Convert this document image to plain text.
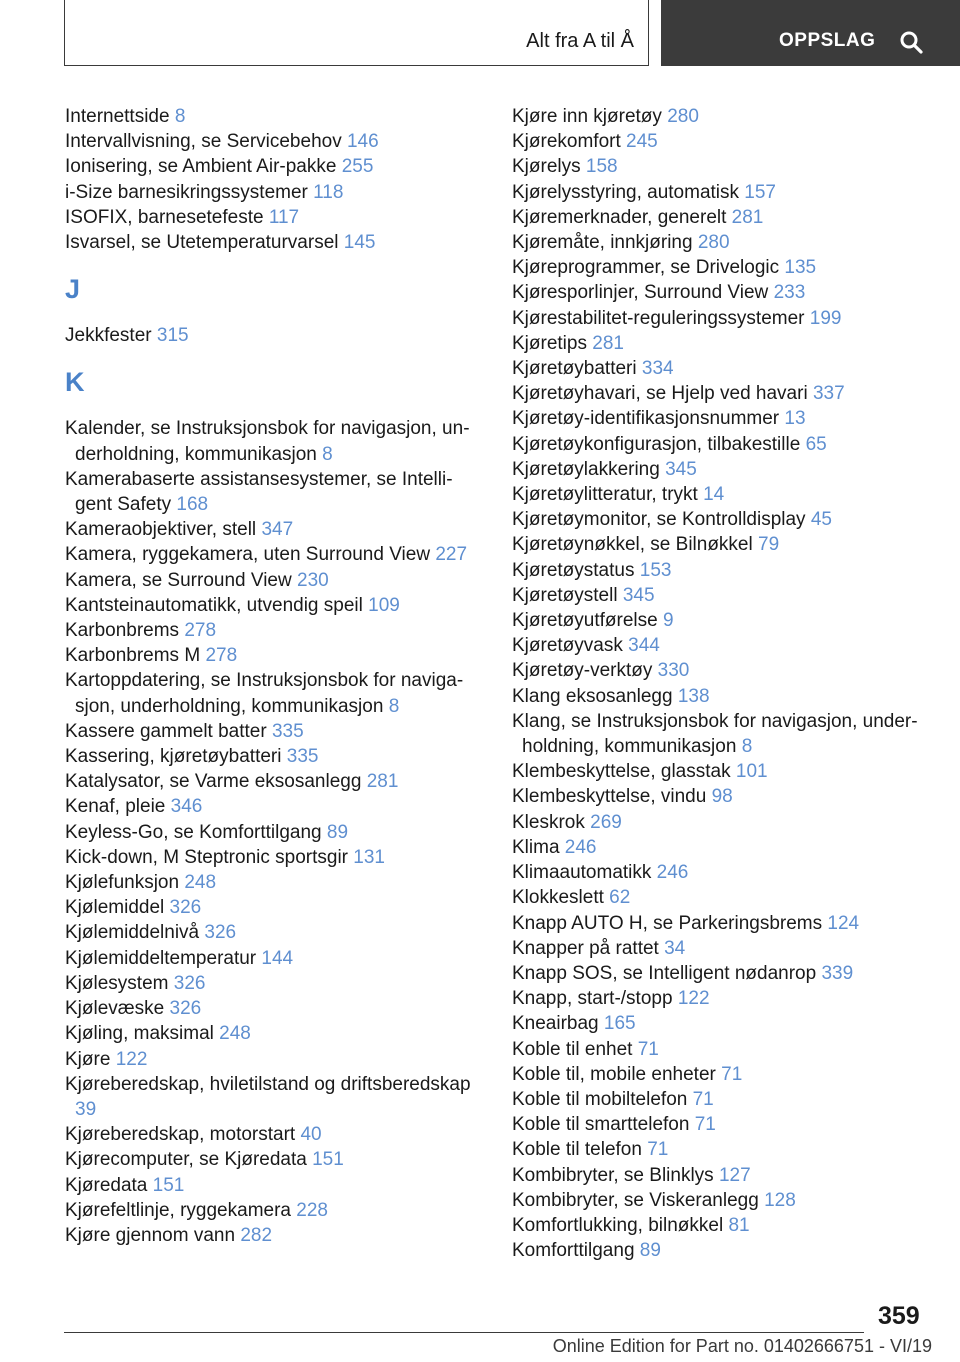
Alt fra A til Å	OPPSLAG
Internettside 8
Intervallvisning, se Servicebehov 146
Ionisering, se Ambient Air-pakke 255
i-Size barnesikringssystemer 118
ISOFIX, barnesetefeste 117
Isvarsel, se Utetemperaturvarsel 145
J
Jekkfester 315
K
Kalender, se Instruksjonsbok for navigasjon, underholdning, kommunikasjon 8
Kamerabaserte assistansesystemer, se Intelligent Safety 168
Kameraobjektiver, stell 347
Kamera, ryggekamera, uten Surround View 227
Kamera, se Surround View 230
Kantsteinautomatikk, utvendig speil 109
Karbonbrems 278
Karbonbrems M 278
Kartoppdatering, se Instruksjonsbok for navigasjon, underholdning, kommunikasjon 8
Kassere gammelt batter 335
Kassering, kjøretøybatteri 335
Katalysator, se Varme eksosanlegg 281
Kenaf, pleie 346
Keyless-Go, se Komforttilgang 89
Kick-down, M Steptronic sportsgir 131
Kjølefunksjon 248
Kjølemiddel 326
Kjølemiddelnivå 326
Kjølemiddeltemperatur 144
Kjølesystem 326
Kjølevæske 326
Kjøling, maksimal 248
Kjøre 122
Kjøreberedskap, hviletilstand og driftsberedskap 39
Kjøreberedskap, motorstart 40
Kjørecomputer, se Kjøredata 151
Kjøredata 151
Kjørefeltlinje, ryggekamera 228
Kjøre gjennom vann 282
Kjøre inn kjøretøy 280
Kjørekomfort 245
Kjørelys 158
Kjørelysstyring, automatisk 157
Kjøremerknader, generelt 281
Kjøremåte, innkjøring 280
Kjøreprogrammer, se Drivelogic 135
Kjøresporlinjer, Surround View 233
Kjørestabilitet-reguleringssystemer 199
Kjøretips 281
Kjøretøybatteri 334
Kjøretøyhavari, se Hjelp ved havari 337
Kjøretøy-identifikasjonsnummer 13
Kjøretøykonfigurasjon, tilbakestille 65
Kjøretøylakkering 345
Kjøretøylitteratur, trykt 14
Kjøretøymonitor, se Kontrolldisplay 45
Kjøretøynøkkel, se Bilnøkkel 79
Kjøretøystatus 153
Kjøretøystell 345
Kjøretøyutførelse 9
Kjøretøyvask 344
Kjøretøy-verktøy 330
Klang eksosanlegg 138
Klang, se Instruksjonsbok for navigasjon, underholdning, kommunikasjon 8
Klembeskyttelse, glasstak 101
Klembeskyttelse, vindu 98
Kleskrok 269
Klima 246
Klimaautomatikk 246
Klokkeslett 62
Knapp AUTO H, se Parkeringsbrems 124
Knapper på rattet 34
Knapp SOS, se Intelligent nødanrop 339
Knapp, start-/stopp 122
Kneairbag 165
Koble til enhet 71
Koble til, mobile enheter 71
Koble til mobiltelefon 71
Koble til smarttelefon 71
Koble til telefon 71
Kombibryter, se Blinklys 127
Kombibryter, se Viskeranlegg 128
Komfortlukking, bilnøkkel 81
Komforttilgang 89
359
Online Edition for Part no. 01402666751 - VI/19
